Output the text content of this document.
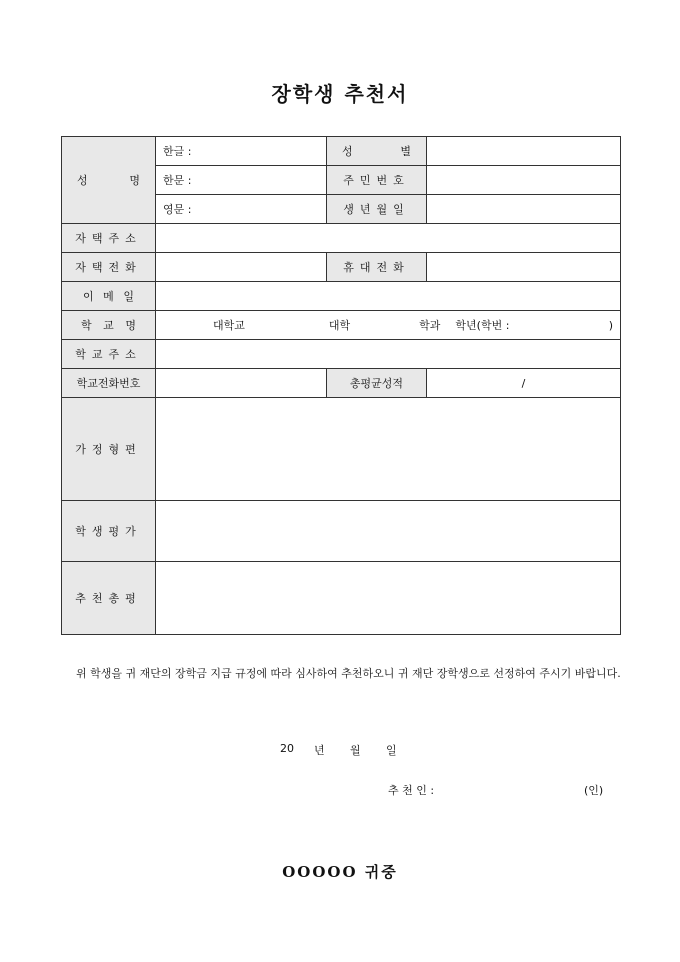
장학생 추천서
성 명	한글 :	성 별	

	한문 :	주민번호	
	영문 :	생년월일	
자택주소			
자택전화		휴대전화	

이 메 일			

학 교 명	대학교 대학 학과 학년(학번 : )		

학교주소			
학교전화번호		총평균성적	/
가정형편			
학생평가			
추천총평			
위 학생을 귀 재단의 장학금 지급 규정에 따라 심사하여 추천하오니 귀 재단 장학생으로 선정하여 주시기 바랍니다.
20 년 월 일
추 천 인 :	(인)
OOOOO 귀중
